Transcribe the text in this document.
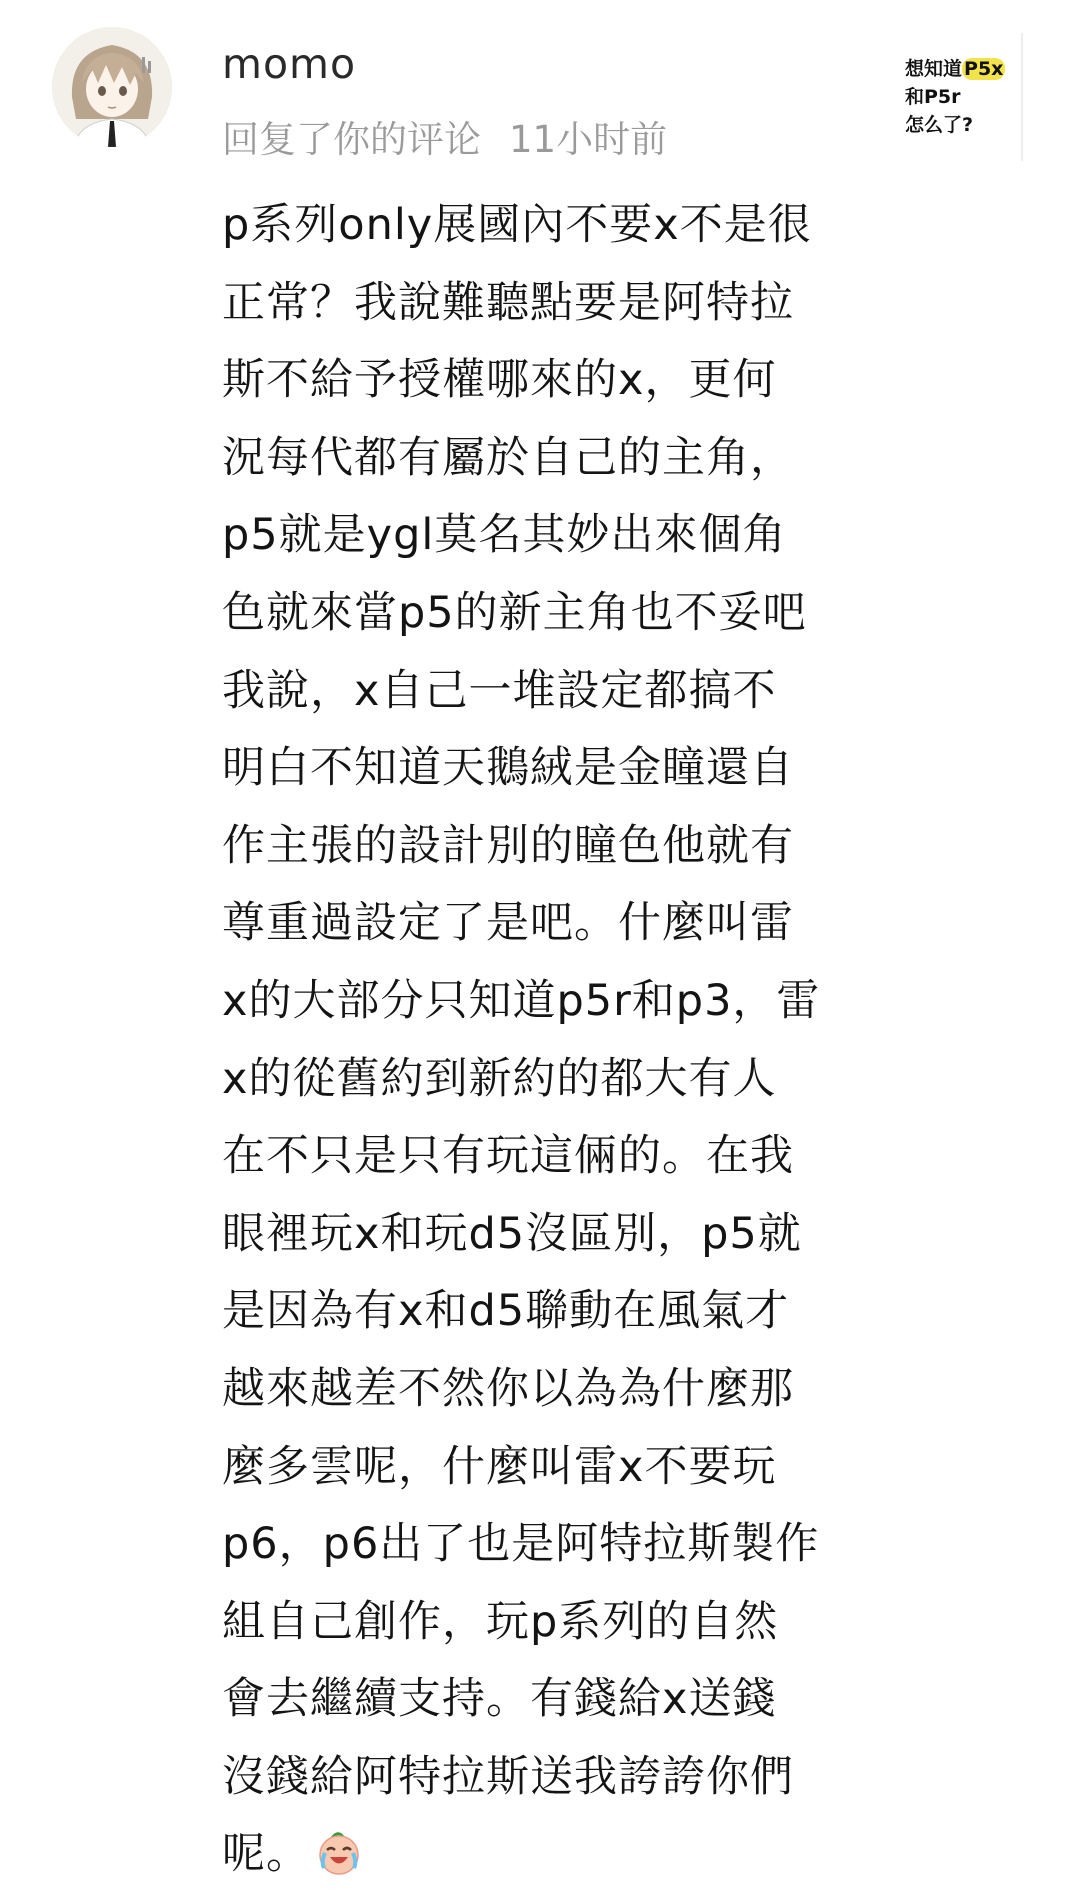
momo
回复了你的评论 11小时前
想知道 P5x
和P5r
怎么了?
p系列only展國內不要x不是很
正常？我說難聽點要是阿特拉
斯不給予授權哪來的x，更何
況每代都有屬於自己的主角，
p5就是ygl莫名其妙出來個角
色就來當p5的新主角也不妥吧
我說，x自己一堆設定都搞不
明白不知道天鵝絨是金瞳還自
作主張的設計別的瞳色他就有
尊重過設定了是吧。什麼叫雷
x的大部分只知道p5r和p3，雷
x的從舊約到新約的都大有人
在不只是只有玩這倆的。在我
眼裡玩x和玩d5沒區別，p5就
是因為有x和d5聯動在風氣才
越來越差不然你以為為什麼那
麼多雲呢，什麼叫雷x不要玩
p6，p6出了也是阿特拉斯製作
組自己創作，玩p系列的自然
會去繼續支持。有錢給x送錢
沒錢給阿特拉斯送我誇誇你們
呢。
